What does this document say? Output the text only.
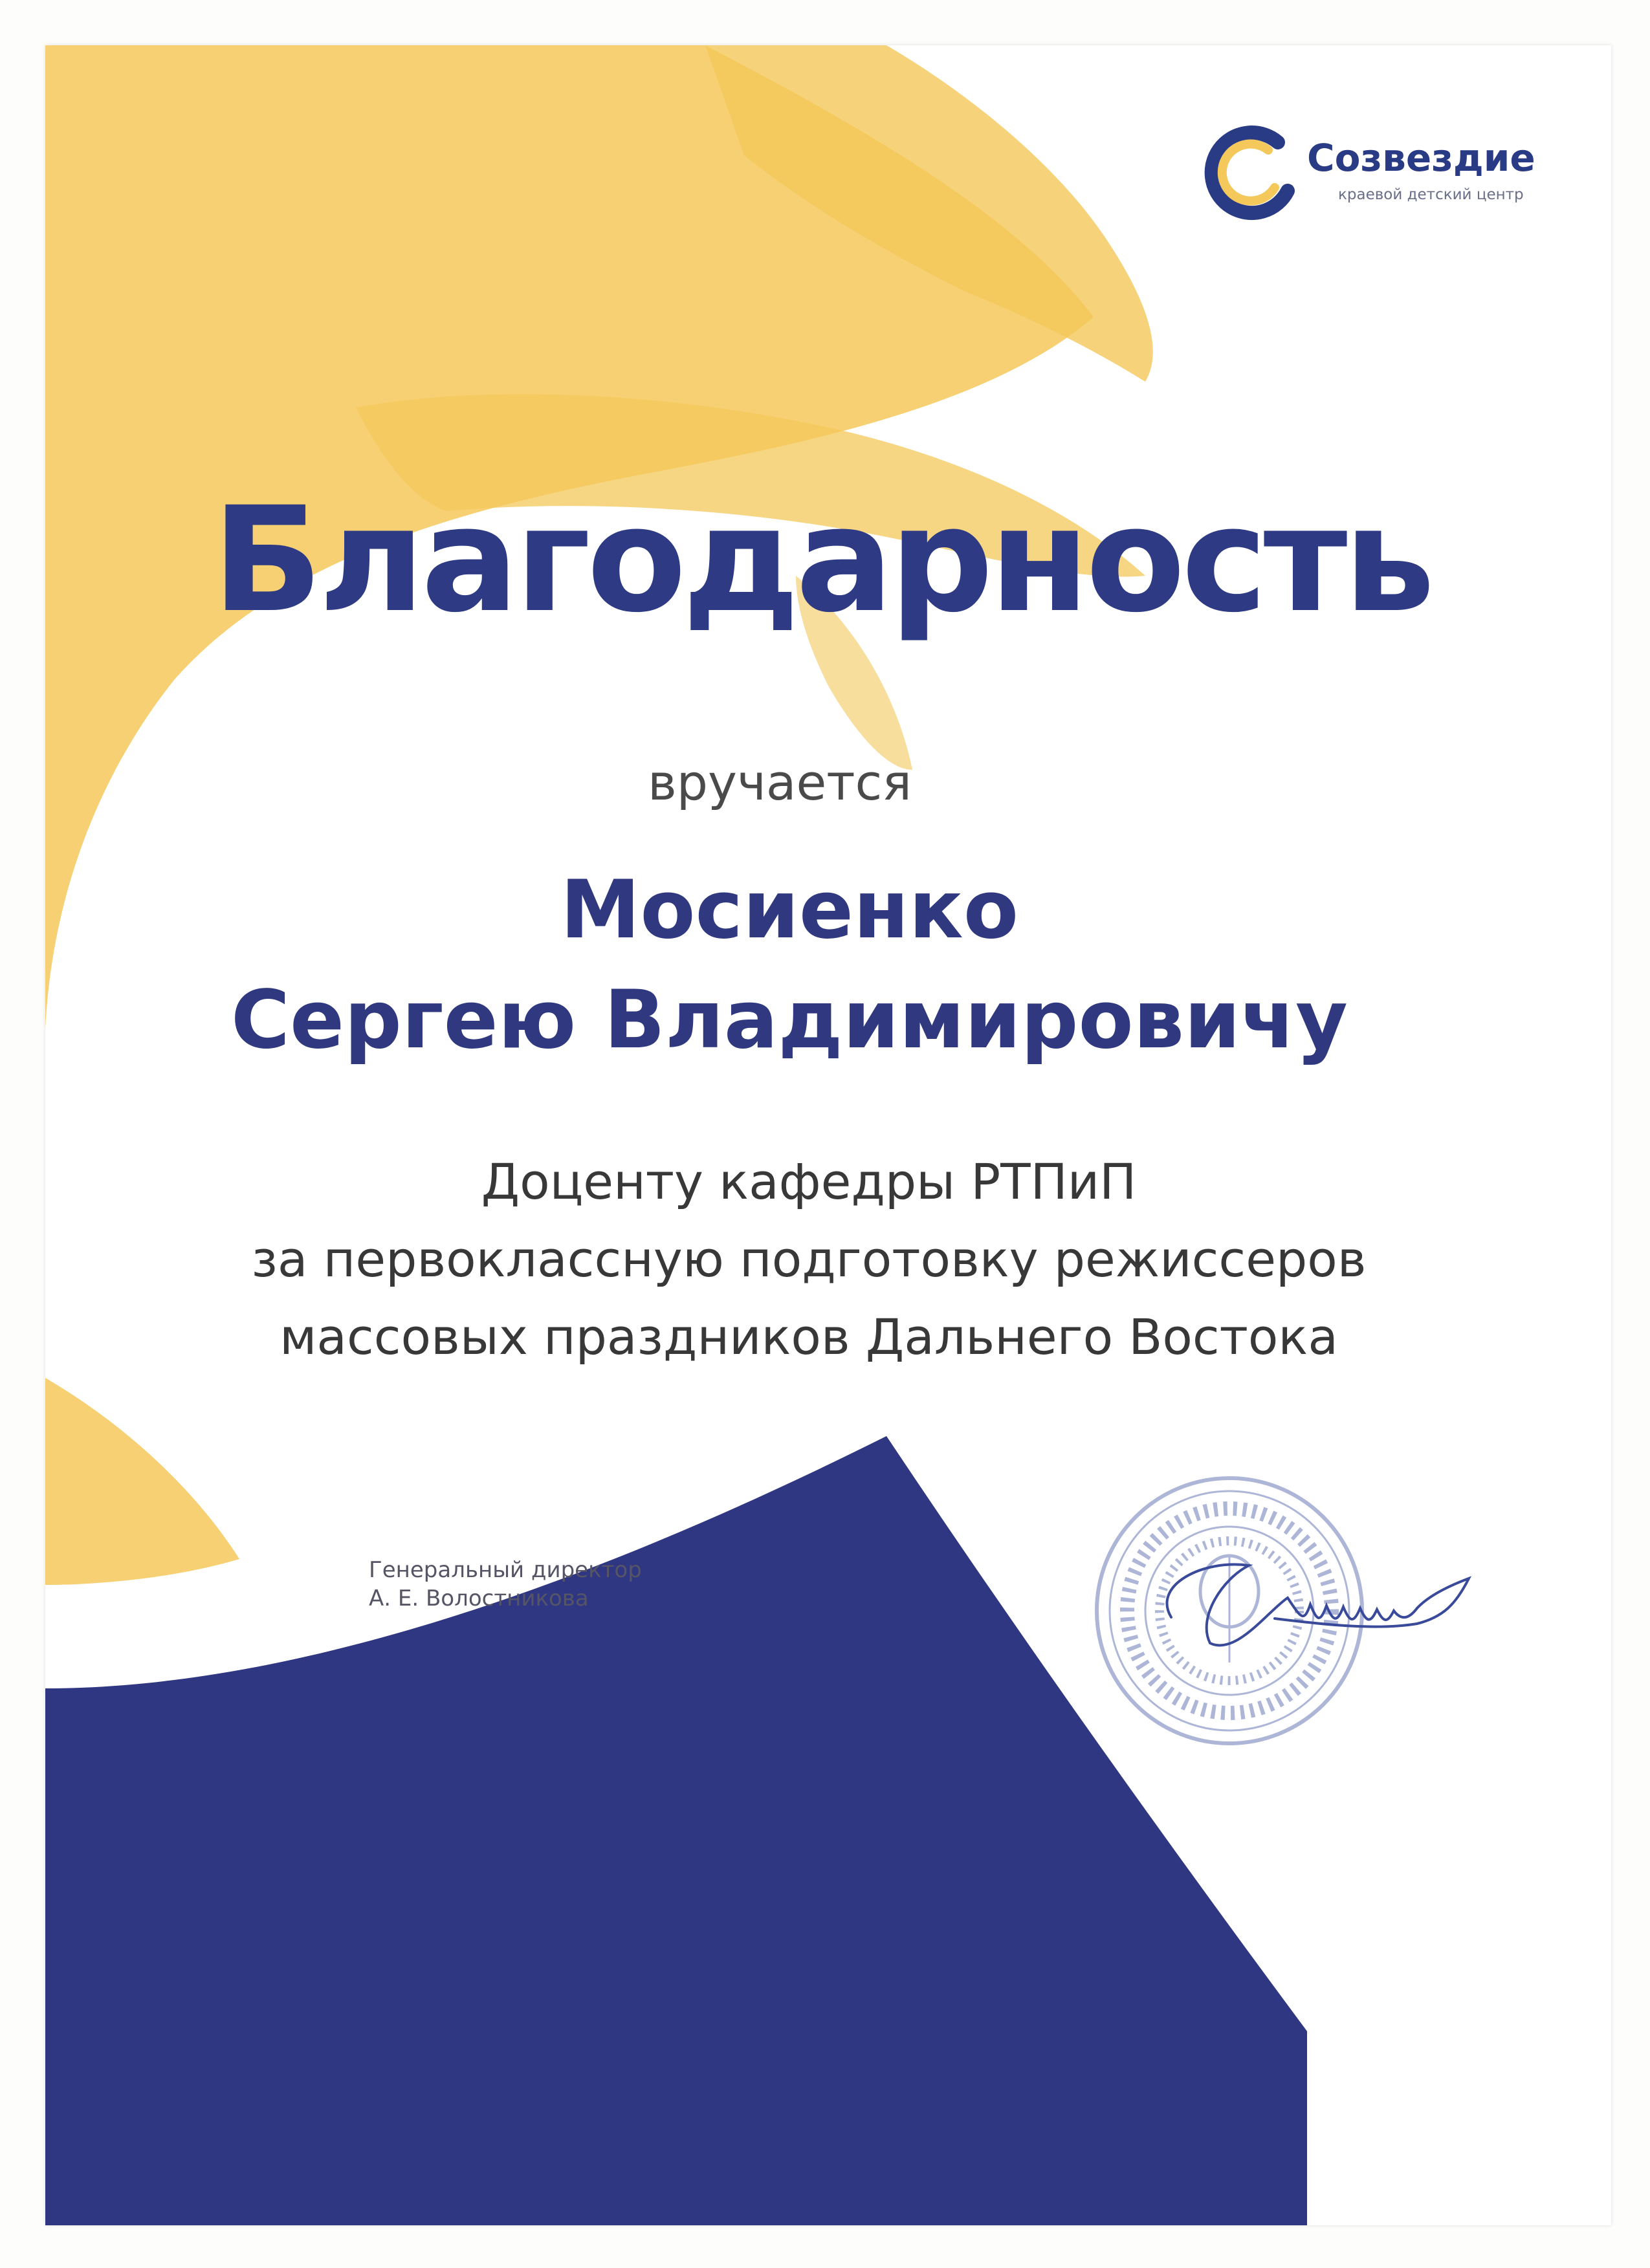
Созвездие
краевой детский центр
Благодарность
вручается
Мосиенко
Сергею Владимировичу
Доценту кафедры РТПиП
за первоклассную подготовку режиссеров
массовых праздников Дальнего Востока
Генеральный директор
А. Е. Волостникова
